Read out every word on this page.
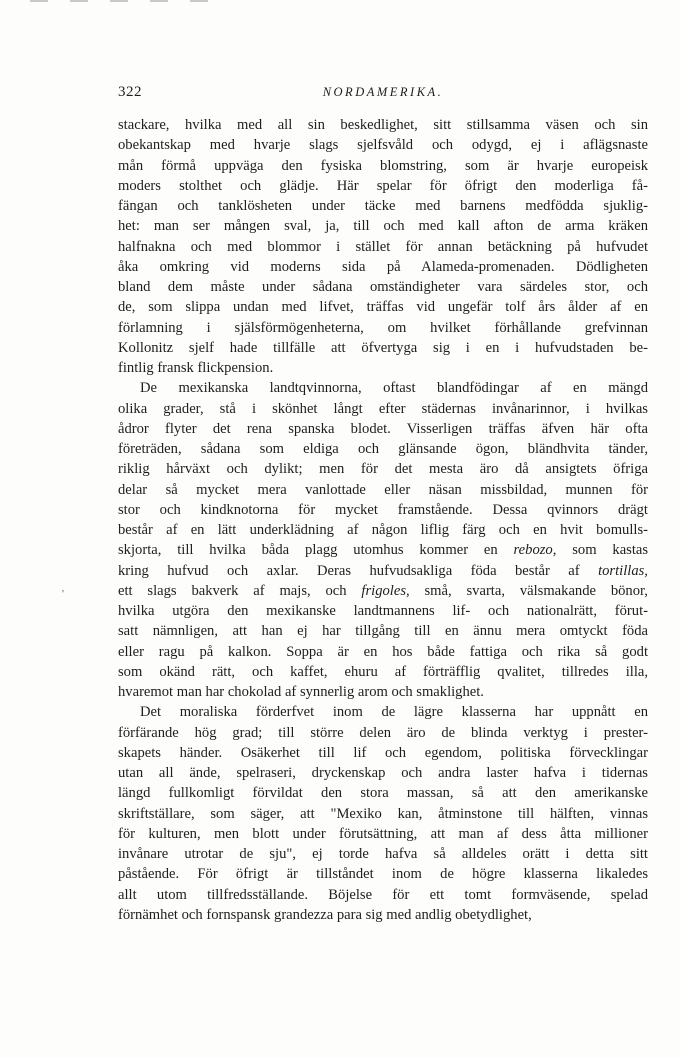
322	NORDAMERIKA.
'
stackare, hvilka med all sin beskedlighet, sitt stillsamma väsen och sin
obekantskap med hvarje slags sjelfsvåld och odygd, ej i aflägsnaste
mån förmå uppväga den fysiska blomstring, som är hvarje europeisk
moders stolthet och glädje. Här spelar för öfrigt den moderliga få-
fängan och tanklösheten under täcke med barnens medfödda sjuklig-
het: man ser mången sval, ja, till och med kall afton de arma kräken
halfnakna och med blommor i stället för annan betäckning på hufvudet
åka omkring vid moderns sida på Alameda-promenaden. Dödligheten
bland dem måste under sådana omständigheter vara särdeles stor, och
de, som slippa undan med lifvet, träffas vid ungefär tolf års ålder af en
förlamning i själsförmögenheterna, om hvilket förhållande grefvinnan
Kollonitz sjelf hade tillfälle att öfvertyga sig i en i hufvudstaden be-
fintlig fransk flickpension.
De mexikanska landtqvinnorna, oftast blandfödingar af en mängd
olika grader, stå i skönhet långt efter städernas invånarinnor, i hvilkas
ådror flyter det rena spanska blodet. Visserligen träffas äfven här ofta
företräden, sådana som eldiga och glänsande ögon, bländhvita tänder,
riklig hårväxt och dylikt; men för det mesta äro då ansigtets öfriga
delar så mycket mera vanlottade eller näsan missbildad, munnen för
stor och kindknotorna för mycket framstående. Dessa qvinnors drägt
består af en lätt underklädning af någon liflig färg och en hvit bomulls-
skjorta, till hvilka båda plagg utomhus kommer en rebozo, som kastas
kring hufvud och axlar. Deras hufvudsakliga föda består af tortillas,
ett slags bakverk af majs, och frigoles, små, svarta, välsmakande bönor,
hvilka utgöra den mexikanske landtmannens lif- och nationalrätt, förut-
satt nämnligen, att han ej har tillgång till en ännu mera omtyckt föda
eller ragu på kalkon. Soppa är en hos både fattiga och rika så godt
som okänd rätt, och kaffet, ehuru af förträfflig qvalitet, tillredes illa,
hvaremot man har chokolad af synnerlig arom och smaklighet.
Det moraliska förderfvet inom de lägre klasserna har uppnått en
förfärande hög grad; till större delen äro de blinda verktyg i prester-
skapets händer. Osäkerhet till lif och egendom, politiska förvecklingar
utan all ände, spelraseri, dryckenskap och andra laster hafva i tidernas
längd fullkomligt förvildat den stora massan, så att den amerikanske
skriftställare, som säger, att "Mexiko kan, åtminstone till hälften, vinnas
för kulturen, men blott under förutsättning, att man af dess åtta millioner
invånare utrotar de sju", ej torde hafva så alldeles orätt i detta sitt
påstående. För öfrigt är tillståndet inom de högre klasserna likaledes
allt utom tillfredsställande. Böjelse för ett tomt formväsende, spelad
förnämhet och fornspansk grandezza para sig med andlig obetydlighet,
